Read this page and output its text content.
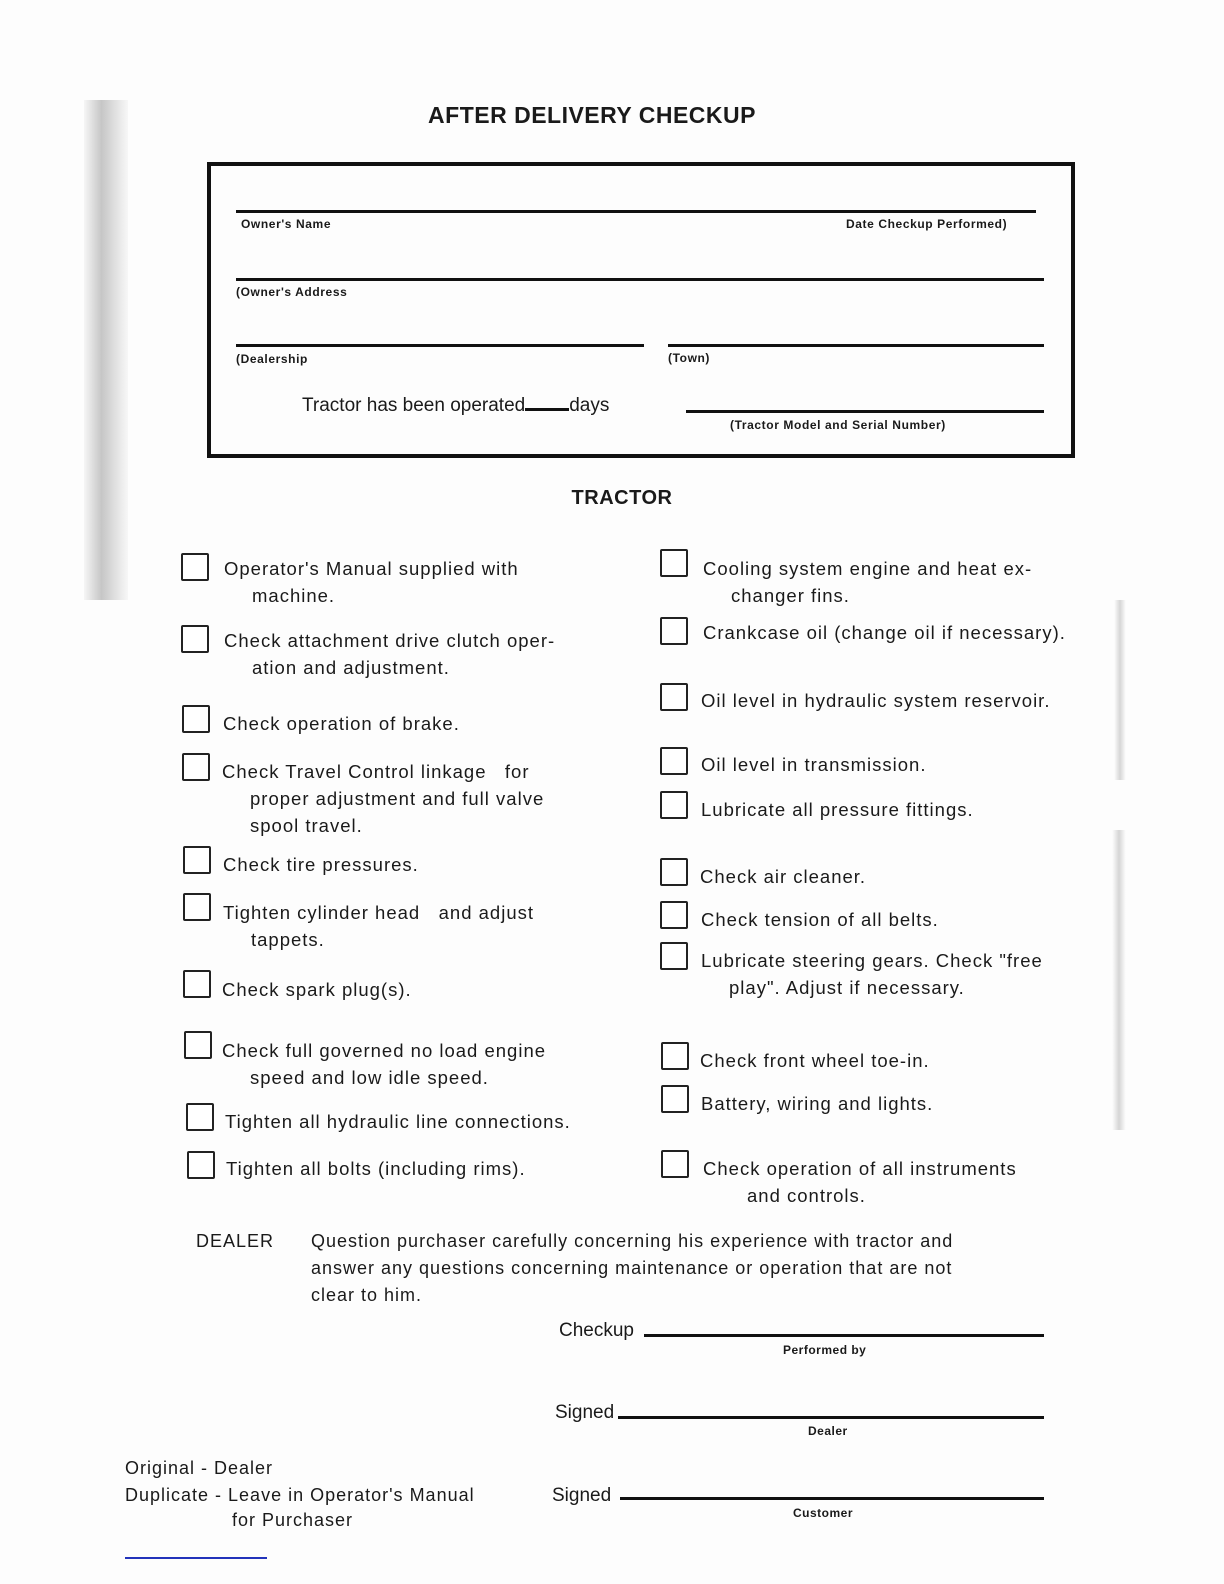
AFTER DELIVERY CHECKUP
Owner's Name	Date Checkup Performed)
(Owner's Address
(Dealership	(Town)
Tractor has been operated days
(Tractor Model and Serial Number)
TRACTOR
Operator's Manual supplied with
machine.
Check attachment drive clutch oper-
ation and adjustment.
Check operation of brake.
Check Travel Control linkage   for
proper adjustment and full valve
spool travel.
Check tire pressures.
Tighten cylinder head   and adjust
tappets.
Check spark plug(s).
Check full governed no load engine
speed and low idle speed.
Tighten all hydraulic line connections.
Tighten all bolts (including rims).
Cooling system engine and heat ex-
changer fins.
Crankcase oil (change oil if necessary).
Oil level in hydraulic system reservoir.
Oil level in transmission.
Lubricate all pressure fittings.
Check air cleaner.
Check tension of all belts.
Lubricate steering gears. Check "free
play". Adjust if necessary.
Check front wheel toe-in.
Battery, wiring and lights.
Check operation of all instruments
and controls.
DEALER Question purchaser carefully concerning his experience with tractor and
answer any questions concerning maintenance or operation that are not
clear to him.
Checkup
Performed by
Signed
Dealer
Signed
Customer
Original - Dealer
Duplicate - Leave in Operator's Manual
for Purchaser
